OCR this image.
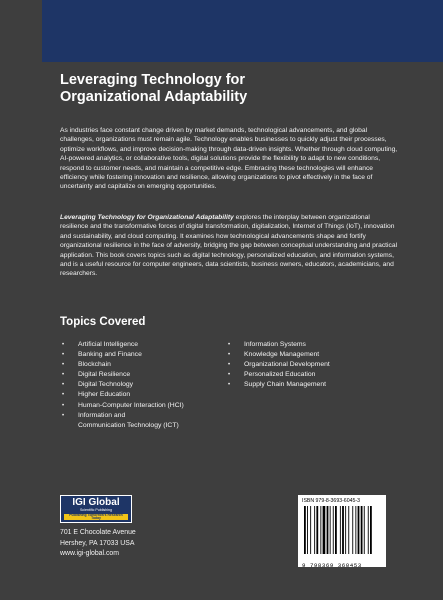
Leveraging Technology for
Organizational Adaptability
As industries face constant change driven by market demands, technological advancements, and global challenges, organizations must remain agile. Technology enables businesses to quickly adjust their processes, optimize workflows, and improve decision-making through data-driven insights. Whether through cloud computing, AI-powered analytics, or collaborative tools, digital solutions provide the flexibility to adapt to new conditions, respond to customer needs, and maintain a competitive edge. Embracing these technologies will enhance efficiency while fostering innovation and resilience, allowing organizations to pivot effectively in the face of uncertainty and capitalize on emerging opportunities.
Leveraging Technology for Organizational Adaptability explores the interplay between organizational resilience and the transformative forces of digital transformation, digitalization, Internet of Things (IoT), innovation and sustainability, and cloud computing. It examines how technological advancements shape and fortify organizational resilience in the face of adversity, bridging the gap between conceptual understanding and practical application. This book covers topics such as digital technology, personalized education, and information systems, and is a useful resource for computer engineers, data scientists, business owners, educators, academicians, and researchers.
Topics Covered
• Artificial Intelligence
• Banking and Finance
• Blockchain
• Digital Resilience
• Digital Technology
• Higher Education
• Human-Computer Interaction (HCI)
• Information and
Communication Technology (ICT)
• Information Systems
• Knowledge Management
• Organizational Development
• Personalized Education
• Supply Chain Management
IGI Global
Scientific Publishing
Publishing Tomorrow's Research Today
701 E Chocolate Avenue
Hershey, PA 17033 USA
www.igi-global.com
ISBN 979-8-3693-6045-3
9 798369 360453
